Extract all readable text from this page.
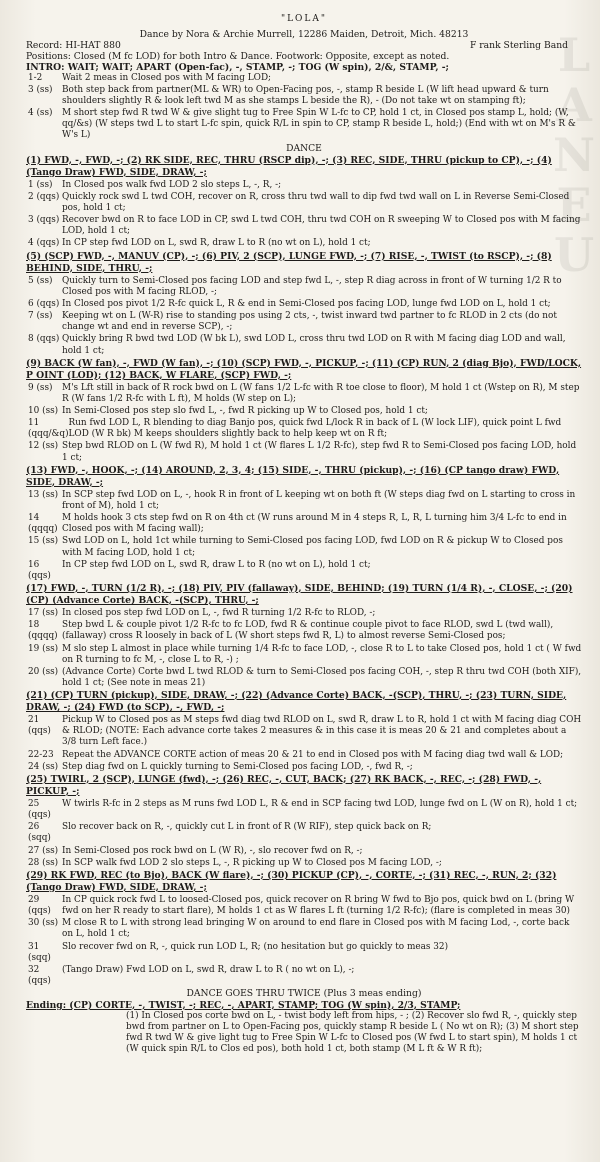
L
A
N
E
U
"LOLA"
Dance by Nora & Archie Murrell, 12286 Maiden, Detroit, Mich. 48213
Record: HI-HAT 880	F rank Sterling Band
Positions: Closed (M fc LOD) for both Intro & Dance. Footwork: Opposite, except as noted.
INTRO: WAIT; WAIT; APART (Open-fac), -, STAMP, -; TOG (W spin), 2/&, STAMP, -;
1-2	Wait 2 meas in Closed pos with M facing LOD;
3 (ss)	Both step back from partner(ML & WR) to Open-Facing pos, -, stamp R beside L (W lift head upward & turn shoulders slightly R & look left twd M as she stamps L beside the R), - (Do not take wt on stamping ft);
4 (ss)	M short step fwd R twd W & give slight tug to Free Spin W L-fc to CP, hold 1 ct, in Closed pos stamp L, hold; (W, qq/&s) (W steps twd L to start L-fc spin, quick R/L in spin to CP, stamp R beside L, hold;) (End with wt on M's R & W's L)
DANCE
(1) FWD, -, FWD, -; (2) RK SIDE, REC, THRU (RSCP dip), -; (3) REC, SIDE, THRU (pickup to CP), -; (4) (Tango Draw) FWD, SIDE, DRAW, -;
1 (ss)	In Closed pos walk fwd LOD 2 slo steps L, -, R, -;
2 (qqs) Quickly rock swd L twd COH, recover on R, cross thru twd wall to dip fwd twd wall on L in Reverse Semi-Closed pos, hold 1 ct;
3 (qqs) Recover bwd on R to face LOD in CP, swd L twd COH, thru twd COH on R sweeping W to Closed pos with M facing LOD, hold 1 ct;
4 (qqs) In CP step fwd LOD on L, swd R, draw L to R (no wt on L), hold 1 ct;
(5) (SCP) FWD, -, MANUV (CP), -; (6) PIV, 2 (SCP), LUNGE FWD, -; (7) RISE, -, TWIST (to RSCP), -; (8) BEHIND, SIDE, THRU, -;
5 (ss)	Quickly turn to Semi-Closed pos facing LOD and step fwd L, -, step R diag across in front of W turning 1/2 R to Closed pos with M facing RLOD, -;
6 (qqs) In Closed pos pivot 1/2 R-fc quick L, R & end in Semi-Closed pos facing LOD, lunge fwd LOD on L, hold 1 ct;
7 (ss)	Keeping wt on L (W-R) rise to standing pos using 2 cts, -, twist inward twd partner to fc RLOD in 2 cts (do not change wt and end in reverse SCP), -;
8 (qqs) Quickly bring R bwd twd LOD (W bk L), swd LOD L, cross thru twd LOD on R with M facing diag LOD and wall, hold 1 ct;
(9) BACK (W fan), -, FWD (W fan), -; (10) (SCP) FWD, -, PICKUP, -; (11) (CP) RUN, 2 (diag Bjo), FWD/LOCK, P OINT (LOD); (12) BACK, W FLARE, (SCP) FWD, -;
9 (ss)	M's Lft still in back of R rock bwd on L (W fans 1/2 L-fc with R toe close to floor), M hold 1 ct (Wstep on R), M step R (W fans 1/2 R-fc with L ft), M holds (W step on L);
10 (ss) In Semi-Closed pos step slo fwd L, -, fwd R picking up W to Closed pos, hold 1 ct;
11 (qqq/&q)
Run fwd LOD L, R blending to diag Banjo pos, quick fwd L/lock R in back of L (W lock LIF), quick point L fwd LOD (W R bk) M keeps shoulders slightly back to help keep wt on R ft;
12 (ss) Step bwd RLOD on L (W fwd R), M hold 1 ct (W flares L 1/2 R-fc), step fwd R to Semi-Closed pos facing LOD, hold 1 ct;
(13) FWD, -, HOOK, -; (14) AROUND, 2, 3, 4; (15) SIDE, -, THRU (pickup), -; (16) (CP tango draw) FWD, SIDE, DRAW, -;
13 (ss) In SCP step fwd LOD on L, -, hook R in front of L keeping wt on both ft (W steps diag fwd on L starting to cross in front of M), hold 1 ct;
14 (qqqq)
M holds hook 3 cts step fwd on R on 4th ct (W runs around M in 4 steps R, L, R, L turning him 3/4 L-fc to end in Closed pos with M facing wall);
15 (ss) Swd LOD on L, hold 1ct while turning to Semi-Closed pos facing LOD, fwd LOD on R & pickup W to Closed pos with M facing LOD, hold 1 ct;
16 (qqs)
In CP step fwd LOD on L, swd R, draw L to R (no wt on L), hold 1 ct;
(17) FWD, -, TURN (1/2 R), -; (18) PIV, PIV (fallaway), SIDE, BEHIND; (19) TURN (1/4 R), -, CLOSE, -; (20) (CP) (Advance Corte) BACK, -(SCP), THRU, -;
17 (ss) In closed pos step fwd LOD on L, -, fwd R turning 1/2 R-fc to RLOD, -;
18 (qqqq)
Step bwd L & couple pivot 1/2 R-fc to fc LOD, fwd R & continue couple pivot to face RLOD, swd L (twd wall), (fallaway) cross R loosely in back of L (W short steps fwd R, L) to almost reverse Semi-Closed pos;
19 (ss) M slo step L almost in place while turning 1/4 R-fc to face LOD, -, close R to L to take Closed pos, hold 1 ct ( W fwd on R turning to fc M, -, close L to R, -) ;
20 (ss) (Advance Corte) Corte bwd L twd RLOD & turn to Semi-Closed pos facing COH, -, step R thru twd COH (both XIF), hold 1 ct; (See note in meas 21)
(21) (CP) TURN (pickup), SIDE, DRAW, -; (22) (Advance Corte) BACK, -(SCP), THRU, -; (23) TURN, SIDE, DRAW, -; (24) FWD (to SCP), -, FWD, -;
21 (qqs)
Pickup W to Closed pos as M steps fwd diag twd RLOD on L, swd R, draw L to R, hold 1 ct with M facing diag COH & RLOD; (NOTE: Each advance corte takes 2 measures & in this case it is meas 20 & 21 and completes about a 3/8 turn Left face.)
22-23 Repeat the ADVANCE CORTE action of meas 20 & 21 to end in Closed pos with M facing diag twd wall & LOD;
24 (ss) Step diag fwd on L quickly turning to Semi-Closed pos facing LOD, -, fwd R, -;
(25) TWIRL, 2 (SCP), LUNGE (fwd), -; (26) REC, -, CUT, BACK; (27) RK BACK, -, REC, -; (28) FWD, -, PICKUP, -;
25 (qqs)
W twirls R-fc in 2 steps as M runs fwd LOD L, R & end in SCP facing twd LOD, lunge fwd on L (W on R), hold 1 ct;
26 (sqq)
Slo recover back on R, -, quickly cut L in front of R (W RIF), step quick back on R;
27 (ss) In Semi-Closed pos rock bwd on L (W R), -, slo recover fwd on R, -;
28 (ss) In SCP walk fwd LOD 2 slo steps L, -, R picking up W to Closed pos M facing LOD, -;
(29) RK FWD, REC (to Bjo), BACK (W flare), -; (30) PICKUP (CP), -, CORTE, -; (31) REC, -, RUN, 2; (32) (Tango Draw) FWD, SIDE, DRAW, -;
29 (qqs)
In CP quick rock fwd L to loosed-Closed pos, quick recover on R bring W fwd to Bjo pos, quick bwd on L (bring W fwd on her R ready to start flare), M holds 1 ct as W flares L ft (turning 1/2 R-fc); (flare is completed in meas 30)
30 (ss) M close R to L with strong lead bringing W on around to end flare in Closed pos with M facing Lod, -, corte back on L, hold 1 ct;
31 (sqq)
Slo recover fwd on R, -, quick run LOD L, R; (no hesitation but go quickly to meas 32)
32 (qqs)
(Tango Draw) Fwd LOD on L, swd R, draw L to R ( no wt on L), -;
DANCE GOES THRU TWICE (Plus 3 meas ending)
Ending: (CP) CORTE, -, TWIST, -; REC, -, APART, STAMP; TOG (W spin), 2/3, STAMP;
(1) In Closed pos corte bwd on L, - twist body left from hips, - ; (2) Recover slo fwd R, -, quickly step bwd from partner on L to Open-Facing pos, quickly stamp R beside L ( No wt on R); (3) M short step fwd R twd W & give light tug to Free Spin W L-fc to Closed pos (W fwd L to start spin), M holds 1 ct (W quick spin R/L to Clos ed pos), both hold 1 ct, both stamp (M L ft & W R ft);
